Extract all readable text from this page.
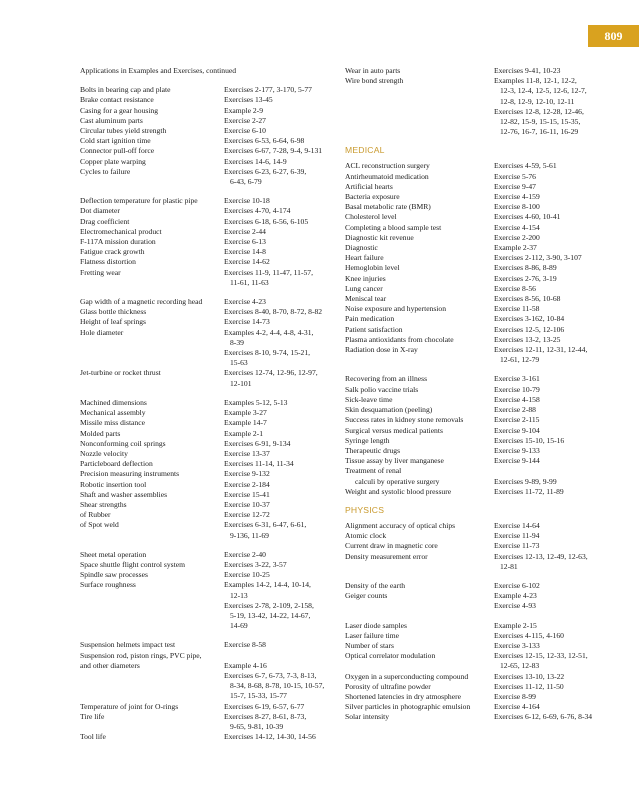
809
Applications in Examples and Exercises, continued
Bolts in bearing cap and plate	Exercises 2-177, 3-170, 5-77
Brake contact resistance	Exercises 13-45
Casing for a gear housing	Example 2-9
Cast aluminum parts	Exercise 2-27
Circular tubes yield strength	Exercise 6-10
Cold start ignition time	Exercises 6-53, 6-64, 6-98
Connector pull-off force	Exercises 6-67, 7-28, 9-4, 9-131
Copper plate warping	Exercises 14-6, 14-9
Cycles to failure	Exercises 6-23, 6-27, 6-39,
6-43, 6-79
Deflection temperature for plastic pipe	Exercise 10-18
Dot diameter	Exercises 4-70, 4-174
Drag coefficient	Exercises 6-18, 6-56, 6-105
Electromechanical product	Exercise 2-44
F-117A mission duration	Exercise 6-13
Fatigue crack growth	Exercise 14-8
Flatness distortion	Exercise 14-62
Fretting wear	Exercises 11-9, 11-47, 11-57,
11-61, 11-63
Gap width of a magnetic recording head	Exercise 4-23
Glass bottle thickness	Exercises 8-40, 8-70, 8-72, 8-82
Height of leaf springs	Exercise 14-73
Hole diameter	Examples 4-2, 4-4, 4-8, 4-31,
8-39
Exercises 8-10, 9-74, 15-21,
15-63
Jet-turbine or rocket thrust	Exercises 12-74, 12-96, 12-97,
12-101
Machined dimensions	Examples 5-12, 5-13
Mechanical assembly	Example 3-27
Missile miss distance	Example 14-7
Molded parts	Example 2-1
Nonconforming coil springs	Exercises 6-91, 9-134
Nozzle velocity	Exercise 13-37
Particleboard deflection	Exercises 11-14, 11-34
Precision measuring instruments	Exercise 9-132
Robotic insertion tool	Exercise 2-184
Shaft and washer assemblies	Exercise 15-41
Shear strengths	Exercise 10-37
of Rubber	Exercise 12-72
of Spot weld	Exercises 6-31, 6-47, 6-61,
9-136, 11-69
Sheet metal operation	Exercise 2-40
Space shuttle flight control system	Exercises 3-22, 3-57
Spindle saw processes	Exercise 10-25
Surface roughness	Examples 14-2, 14-4, 10-14,
12-13
Exercises 2-78, 2-109, 2-158,
5-19, 13-42, 14-22, 14-67,
14-69
Suspension helmets impact test	Exercise 8-58
Suspension rod, piston rings, PVC pipe,

and other diameters	Example 4-16
Exercises 6-7, 6-73, 7-3, 8-13,
8-34, 8-68, 8-78, 10-15, 10-57,
15-7, 15-33, 15-77
Temperature of joint for O-rings	Exercises 6-19, 6-57, 6-77
Tire life	Exercises 8-27, 8-61, 8-73,
9-65, 9-81, 10-39
Tool life	Exercises 14-12, 14-30, 14-56
Wear in auto parts	Exercises 9-41, 10-23
Wire bond strength	Examples 11-8, 12-1, 12-2,
12-3, 12-4, 12-5, 12-6, 12-7,
12-8, 12-9, 12-10, 12-11
Exercises 12-8, 12-28, 12-46,
12-82, 15-9, 15-15, 15-35,
12-76, 16-7, 16-11, 16-29
MEDICAL
ACL reconstruction surgery	Exercises 4-59, 5-61
Antirheumatoid medication	Exercise 5-76
Artificial hearts	Exercise 9-47
Bacteria exposure	Exercise 4-159
Basal metabolic rate (BMR)	Exercise 8-100
Cholesterol level	Exercises 4-60, 10-41
Completing a blood sample test	Exercise 4-154
Diagnostic kit revenue	Exercise 2-200
Diagnostic	Example 2-37
Heart failure	Exercises 2-112, 3-90, 3-107
Hemoglobin level	Exercises 8-86, 8-89
Knee injuries	Exercises 2-76, 3-19
Lung cancer	Exercise 8-56
Meniscal tear	Exercises 8-56, 10-68
Noise exposure and hypertension	Exercise 11-58
Pain medication	Exercises 3-162, 10-84
Patient satisfaction	Exercises 12-5, 12-106
Plasma antioxidants from chocolate	Exercises 13-2, 13-25
Radiation dose in X-ray	Exercises 12-11, 12-31, 12-44,
12-61, 12-79
Recovering from an illness	Exercise 3-161
Salk polio vaccine trials	Exercise 10-79
Sick-leave time	Exercise 4-158
Skin desquamation (peeling)	Exercise 2-88
Success rates in kidney stone removals	Exercise 2-115
Surgical versus medical patients	Exercise 9-104
Syringe length	Exercises 15-10, 15-16
Therapeutic drugs	Exercise 9-133
Tissue assay by liver manganese	Exercise 9-144
Treatment of renal

calculi by operative surgery	Exercises 9-89, 9-99
Weight and systolic blood pressure	Exercises 11-72, 11-89
PHYSICS
Alignment accuracy of optical chips	Exercise 14-64
Atomic clock	Exercise 11-94
Current draw in magnetic core	Exercise 11-73
Density measurement error	Exercises 12-13, 12-49, 12-63,
12-81
Density of the earth	Exercise 6-102
Geiger counts	Example 4-23
Exercise 4-93
Laser diode samples	Example 2-15
Laser failure time	Exercises 4-115, 4-160
Number of stars	Exercise 3-133
Optical correlator modulation	Exercises 12-15, 12-33, 12-51,
12-65, 12-83
Oxygen in a superconducting compound	Exercises 13-10, 13-22
Porosity of ultrafine powder	Exercises 11-12, 11-50
Shortened latencies in dry atmosphere	Exercise 8-99
Silver particles in photographic emulsion	Exercise 4-164
Solar intensity	Exercises 6-12, 6-69, 6-76, 8-34
